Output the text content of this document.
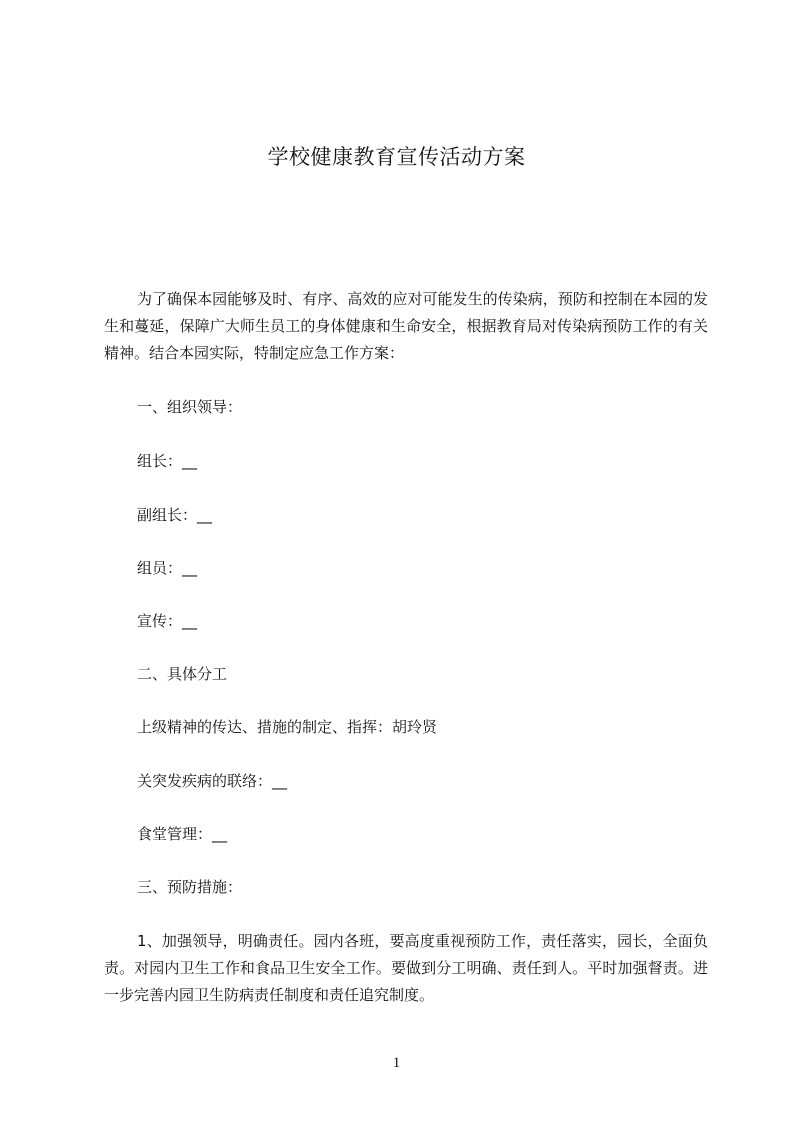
学校健康教育宣传活动方案
为了确保本园能够及时、有序、高效的应对可能发生的传染病，预防和控制在本园的发生和蔓延，保障广大师生员工的身体健康和生命安全，根据教育局对传染病预防工作的有关精神。结合本园实际，特制定应急工作方案：
一、组织领导：
组长：__
副组长：__
组员：__
宣传：__
二、具体分工
上级精神的传达、措施的制定、指挥：胡玲贤
关突发疾病的联络：__
食堂管理：__
三、预防措施：
1、加强领导，明确责任。园内各班，要高度重视预防工作，责任落实，园长，全面负责。对园内卫生工作和食品卫生安全工作。要做到分工明确、责任到人。平时加强督责。进一步完善内园卫生防病责任制度和责任追究制度。
1
